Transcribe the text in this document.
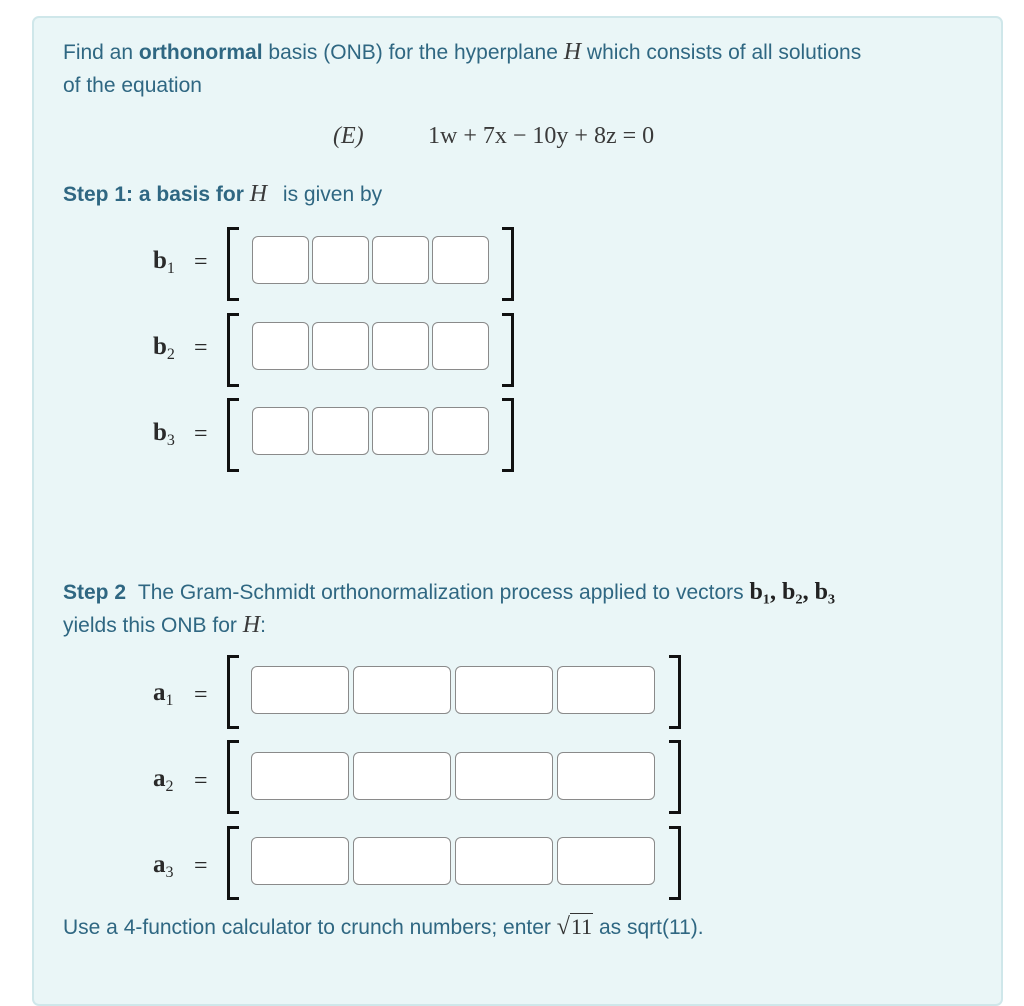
Find an orthonormal basis (ONB) for the hyperplane H which consists of all solutions
of the equation
(E)	1w + 7x − 10y + 8z = 0
Step 1: a basis for H is given by
$b_1$ =
$b_2$ =
$b_3$ =
Step 2 The Gram-Schmidt orthonormalization process applied to vectors b₁, b₂, b₃
yields this ONB for H:
$a_1$ =
$a_2$ =
$a_3$ =
Use a 4-function calculator to crunch numbers; enter √11 as sqrt(11).
